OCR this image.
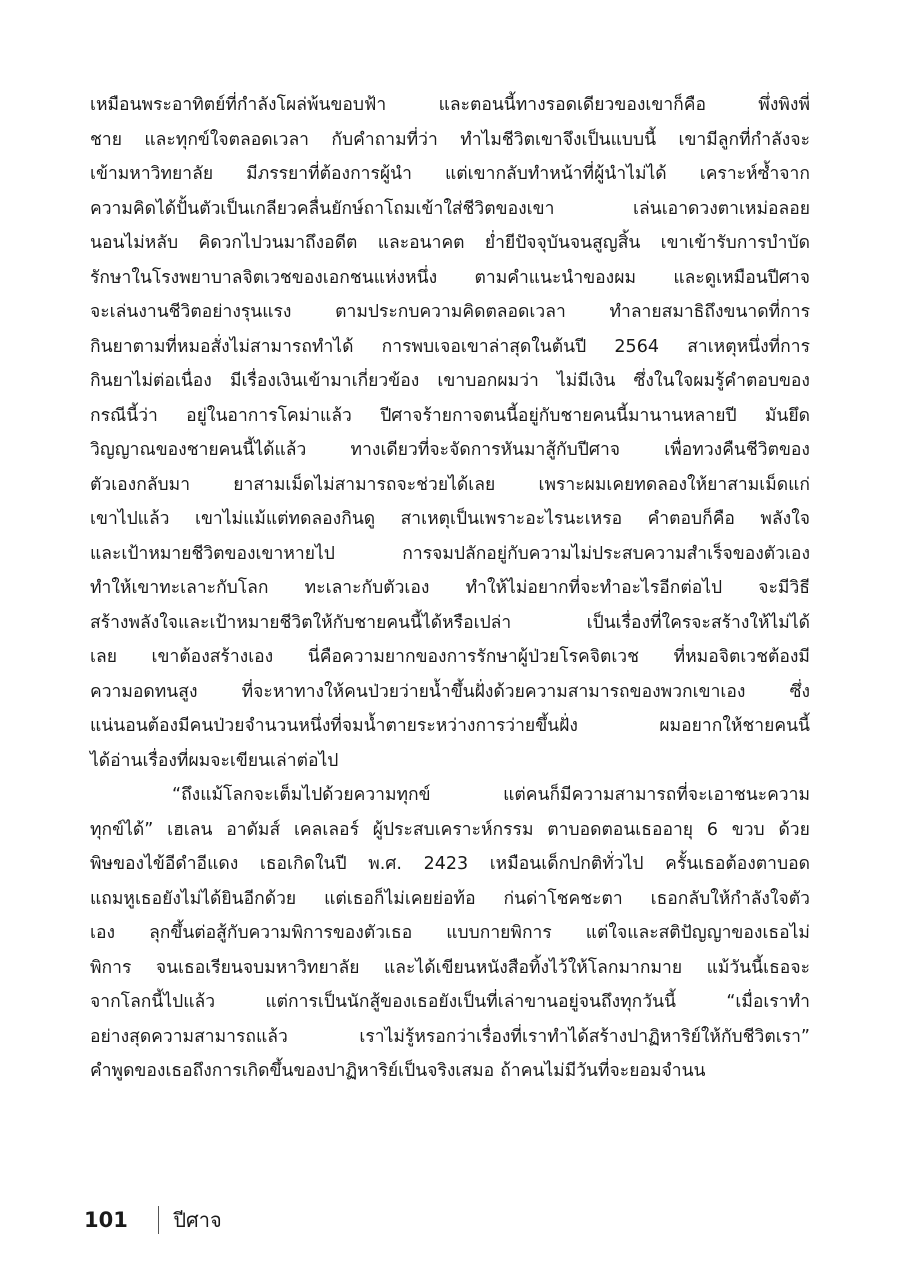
เหมือนพระอาทิตย์ที่กำลังโผล่พ้นขอบฟ้า	และตอนนี้ทางรอดเดียวของเขาก็คือ	พึ่งพิงพี่
ชาย และทุกข์ใจตลอดเวลา กับคำถามที่ว่า ทำไมชีวิตเขาจึงเป็นแบบนี้ เขามีลูกที่กำลังจะ
เข้ามหาวิทยาลัย มีภรรยาที่ต้องการผู้นำ แต่เขากลับทำหน้าที่ผู้นำไม่ได้ เคราะห์ซ้ำจาก
ความคิดได้ปั้นตัวเป็นเกลียวคลื่นยักษ์ถาโถมเข้าใส่ชีวิตของเขา	เล่นเอาดวงตาเหม่อลอย
นอนไม่หลับ คิดวกไปวนมาถึงอดีต และอนาคต ย่ำยีปัจจุบันจนสูญสิ้น เขาเข้ารับการบำบัด
รักษาในโรงพยาบาลจิตเวชของเอกชนแห่งหนึ่ง ตามคำแนะนำของผม และดูเหมือนปีศาจ
จะเล่นงานชีวิตอย่างรุนแรง ตามประกบความคิดตลอดเวลา ทำลายสมาธิถึงขนาดที่การ
กินยาตามที่หมอสั่งไม่สามารถทำได้ การพบเจอเขาล่าสุดในต้นปี 2564 สาเหตุหนึ่งที่การ
กินยาไม่ต่อเนื่อง มีเรื่องเงินเข้ามาเกี่ยวข้อง เขาบอกผมว่า ไม่มีเงิน ซึ่งในใจผมรู้คำตอบของ
กรณีนี้ว่า อยู่ในอาการโคม่าแล้ว ปีศาจร้ายกาจตนนี้อยู่กับชายคนนี้มานานหลายปี มันยึด
วิญญาณของชายคนนี้ได้แล้ว	ทางเดียวที่จะจัดการหันมาสู้กับปีศาจ	เพื่อทวงคืนชีวิตของ
ตัวเองกลับมา ยาสามเม็ดไม่สามารถจะช่วยได้เลย เพราะผมเคยทดลองให้ยาสามเม็ดแก่
เขาไปแล้ว เขาไม่แม้แต่ทดลองกินดู สาเหตุเป็นเพราะอะไรนะเหรอ คำตอบก็คือ พลังใจ
และเป้าหมายชีวิตของเขาหายไป	การจมปลักอยู่กับความไม่ประสบความสำเร็จของตัวเอง
ทำให้เขาทะเลาะกับโลก ทะเลาะกับตัวเอง ทำให้ไม่อยากที่จะทำอะไรอีกต่อไป จะมีวิธี
สร้างพลังใจและเป้าหมายชีวิตให้กับชายคนนี้ได้หรือเปล่า	เป็นเรื่องที่ใครจะสร้างให้ไม่ได้
เลย เขาต้องสร้างเอง นี่คือความยากของการรักษาผู้ป่วยโรคจิตเวช ที่หมอจิตเวชต้องมี
ความอดทนสูง	ที่จะหาทางให้คนป่วยว่ายน้ำขึ้นฝั่งด้วยความสามารถของพวกเขาเอง	ซึ่ง
แน่นอนต้องมีคนป่วยจำนวนหนึ่งที่จมน้ำตายระหว่างการว่ายขึ้นฝั่ง	ผมอยากให้ชายคนนี้
ได้อ่านเรื่องที่ผมจะเขียนเล่าต่อไป
“ถึงแม้โลกจะเต็มไปด้วยความทุกข์	แต่คนก็มีความสามารถที่จะเอาชนะความ
ทุกข์ได้” เฮเลน อาดัมส์ เคลเลอร์ ผู้ประสบเคราะห์กรรม ตาบอดตอนเธออายุ 6 ขวบ ด้วย
พิษของไข้อีดำอีแดง เธอเกิดในปี พ.ศ. 2423 เหมือนเด็กปกติทั่วไป ครั้นเธอต้องตาบอด
แถมหูเธอยังไม่ได้ยินอีกด้วย แต่เธอก็ไม่เคยย่อท้อ ก่นด่าโชคชะตา เธอกลับให้กำลังใจตัว
เอง ลุกขึ้นต่อสู้กับความพิการของตัวเธอ แบบกายพิการ แต่ใจและสติปัญญาของเธอไม่
พิการ จนเธอเรียนจบมหาวิทยาลัย และได้เขียนหนังสือทิ้งไว้ให้โลกมากมาย แม้วันนี้เธอจะ
จากโลกนี้ไปแล้ว	แต่การเป็นนักสู้ของเธอยังเป็นที่เล่าขานอยู่จนถึงทุกวันนี้	“เมื่อเราทำ
อย่างสุดความสามารถแล้ว	เราไม่รู้หรอกว่าเรื่องที่เราทำได้สร้างปาฏิหาริย์ให้กับชีวิตเรา”
คำพูดของเธอถึงการเกิดขึ้นของปาฏิหาริย์เป็นจริงเสมอ ถ้าคนไม่มีวันที่จะยอมจำนน
101 ปีศาจ
